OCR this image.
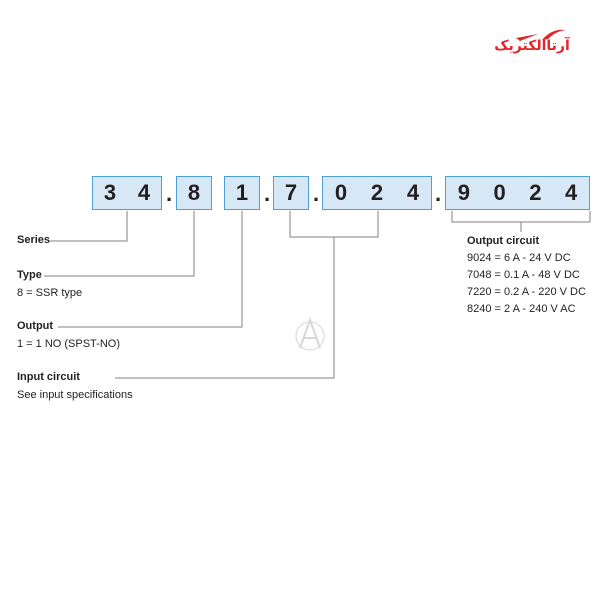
آرتاالکتریک
3 4 . 8 1 . 7 . 0 2 4 . 9 0 2 4
Series
Type
8 = SSR type
Output
1 = 1 NO (SPST-NO)
Input circuit
See input specifications
Output circuit
9024 = 6 A - 24 V DC
7048 = 0.1 A - 48 V DC
7220 = 0.2 A - 220 V DC
8240 = 2 A - 240 V AC
